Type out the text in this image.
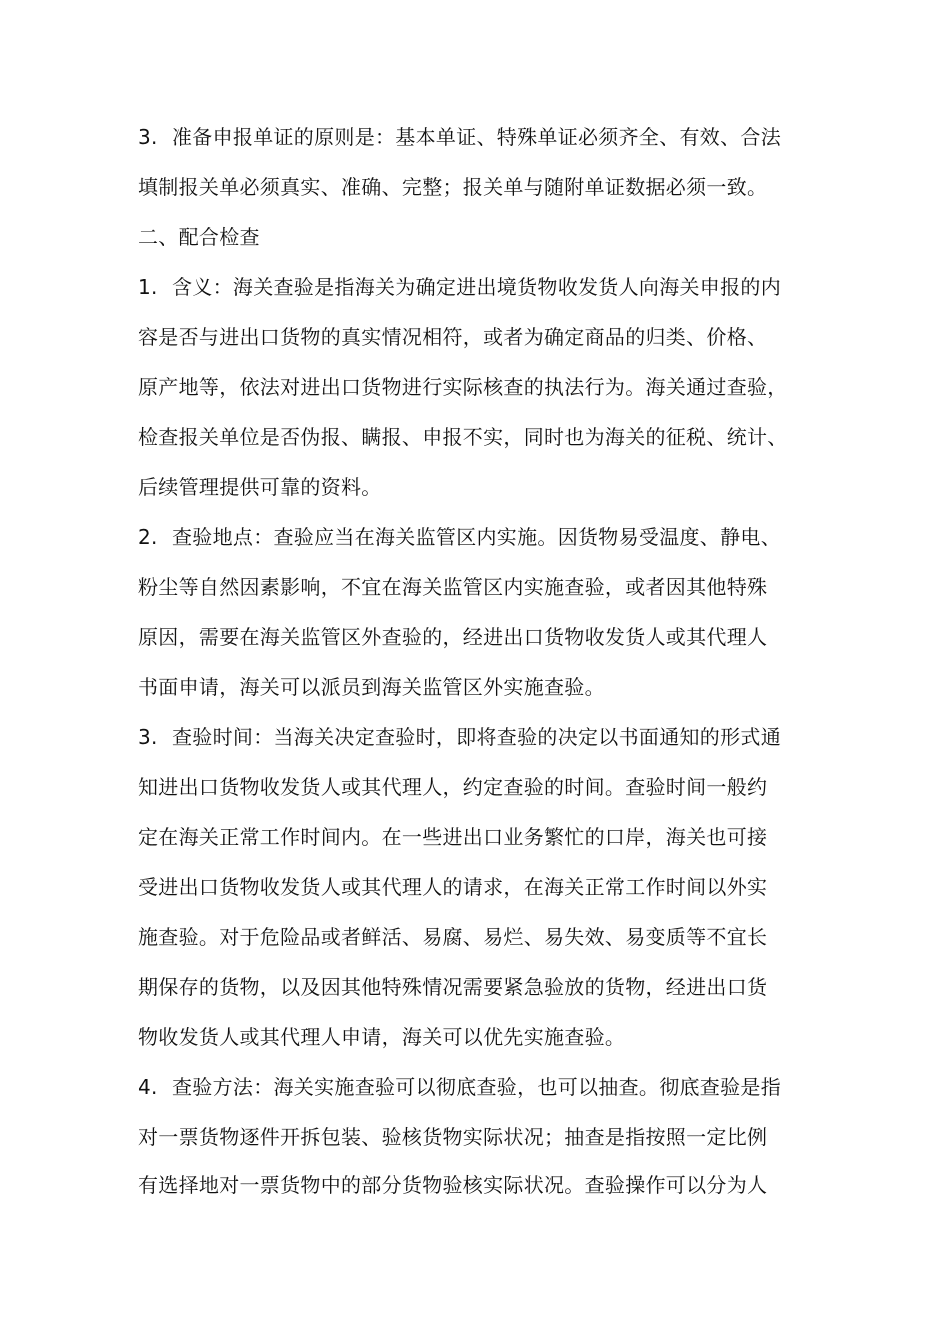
3. 准备申报单证的原则是：基本单证、特殊单证必须齐全、有效、合法
填制报关单必须真实、准确、完整；报关单与随附单证数据必须一致。
二、配合检查
1. 含义：海关查验是指海关为确定进出境货物收发货人向海关申报的内
容是否与进出口货物的真实情况相符，或者为确定商品的归类、价格、
原产地等，依法对进出口货物进行实际核查的执法行为。海关通过查验，
检查报关单位是否伪报、瞒报、申报不实，同时也为海关的征税、统计、
后续管理提供可靠的资料。
2. 查验地点：查验应当在海关监管区内实施。因货物易受温度、静电、
粉尘等自然因素影响，不宜在海关监管区内实施查验，或者因其他特殊
原因，需要在海关监管区外查验的，经进出口货物收发货人或其代理人
书面申请，海关可以派员到海关监管区外实施查验。
3. 查验时间：当海关决定查验时，即将查验的决定以书面通知的形式通
知进出口货物收发货人或其代理人，约定查验的时间。查验时间一般约
定在海关正常工作时间内。在一些进出口业务繁忙的口岸，海关也可接
受进出口货物收发货人或其代理人的请求，在海关正常工作时间以外实
施查验。对于危险品或者鲜活、易腐、易烂、易失效、易变质等不宜长
期保存的货物，以及因其他特殊情况需要紧急验放的货物，经进出口货
物收发货人或其代理人申请，海关可以优先实施查验。
4. 查验方法：海关实施查验可以彻底查验，也可以抽查。彻底查验是指
对一票货物逐件开拆包装、验核货物实际状况；抽查是指按照一定比例
有选择地对一票货物中的部分货物验核实际状况。查验操作可以分为人
